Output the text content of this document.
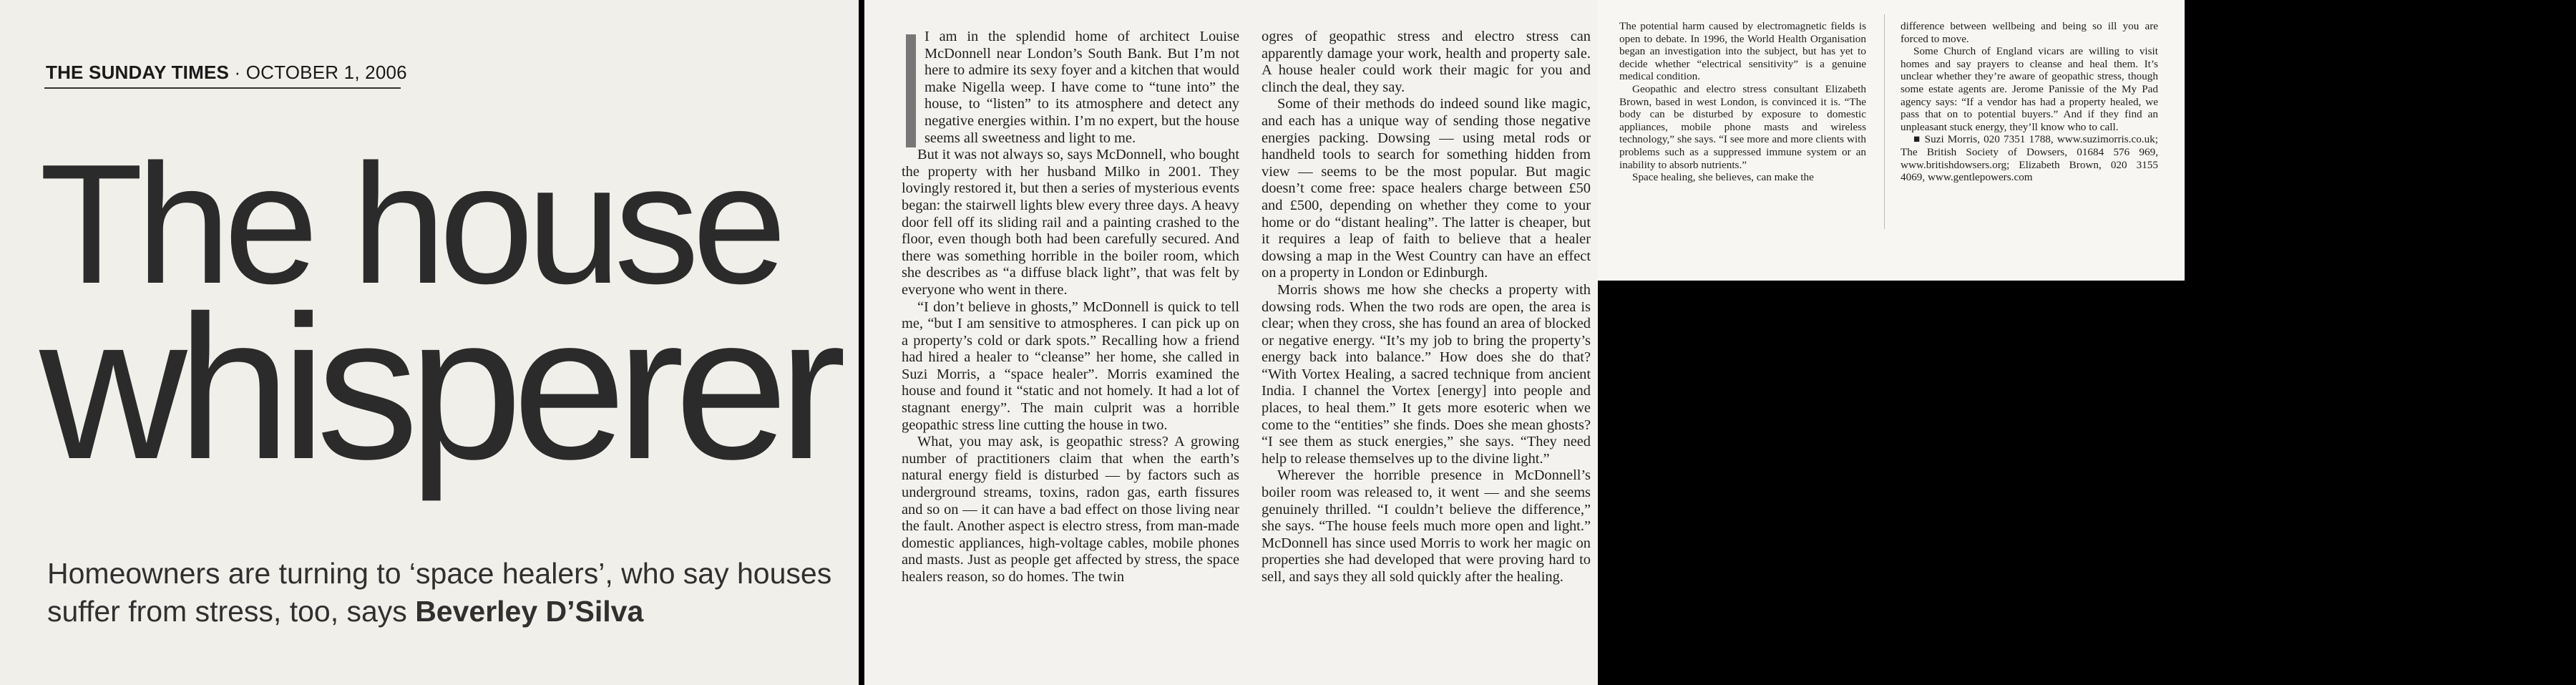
THE SUNDAY TIMES · OCTOBER 1, 2006
The house
whisperer
Homeowners are turning to ‘space healers’, who say houses suffer from stress, too, says Beverley D’Silva

I am in the splendid home of architect Louise McDonnell near London’s South Bank. But I’m not here to admire its sexy foyer and a kitchen that would make Nigella weep. I have come to “tune into” the house, to “listen” to its atmosphere and detect any negative energies within. I’m no expert, but the house seems all sweetness and light to me.

But it was not always so, says McDonnell, who bought the property with her husband Milko in 2001. They lovingly restored it, but then a series of mysterious events began: the stairwell lights blew every three days. A heavy door fell off its sliding rail and a painting crashed to the floor, even though both had been carefully secured. And there was something horrible in the boiler room, which she describes as “a diffuse black light”, that was felt by everyone who went in there.

“I don’t believe in ghosts,” McDonnell is quick to tell me, “but I am sensitive to atmospheres. I can pick up on a property’s cold or dark spots.” Recalling how a friend had hired a healer to “cleanse” her home, she called in Suzi Morris, a “space healer”. Morris examined the house and found it “static and not homely. It had a lot of stagnant energy”. The main culprit was a horrible geopathic stress line cutting the house in two.

What, you may ask, is geopathic stress? A growing number of practitioners claim that when the earth’s natural energy field is disturbed — by factors such as underground streams, toxins, radon gas, earth fissures and so on — it can have a bad effect on those living near the fault. Another aspect is electro stress, from man-made domestic appliances, high-voltage cables, mobile phones and masts. Just as people get affected by stress, the space healers reason, so do homes. The twin

ogres of geopathic stress and electro stress can apparently damage your work, health and property sale. A house healer could work their magic for you and clinch the deal, they say.

Some of their methods do indeed sound like magic, and each has a unique way of sending those negative energies packing. Dowsing — using metal rods or handheld tools to search for something hidden from view — seems to be the most popular. But magic doesn’t come free: space healers charge between £50 and £500, depending on whether they come to your home or do “distant healing”. The latter is cheaper, but it requires a leap of faith to believe that a healer dowsing a map in the West Country can have an effect on a property in London or Edinburgh.

Morris shows me how she checks a property with dowsing rods. When the two rods are open, the area is clear; when they cross, she has found an area of blocked or negative energy. “It’s my job to bring the property’s energy back into balance.” How does she do that? “With Vortex Healing, a sacred technique from ancient India. I channel the Vortex [energy] into people and places, to heal them.” It gets more esoteric when we come to the “entities” she finds. Does she mean ghosts? “I see them as stuck energies,” she says. “They need help to release themselves up to the divine light.”

Wherever the horrible presence in McDonnell’s boiler room was released to, it went — and she seems genuinely thrilled. “I couldn’t believe the difference,” she says. “The house feels much more open and light.” McDonnell has since used Morris to work her magic on properties she had developed that were proving hard to sell, and says they all sold quickly after the healing.

The potential harm caused by electromagnetic fields is open to debate. In 1996, the World Health Organisation began an investigation into the subject, but has yet to decide whether “electrical sensitivity” is a genuine medical condition.

Geopathic and electro stress consultant Elizabeth Brown, based in west London, is convinced it is. “The body can be disturbed by exposure to domestic appliances, mobile phone masts and wireless technology,” she says. “I see more and more clients with problems such as a suppressed immune system or an inability to absorb nutrients.”

Space healing, she believes, can make the

difference between wellbeing and being so ill you are forced to move.

Some Church of England vicars are willing to visit homes and say prayers to cleanse and heal them. It’s unclear whether they’re aware of geopathic stress, though some estate agents are. Jerome Panissie of the My Pad agency says: “If a vendor has had a property healed, we pass that on to potential buyers.” And if they find an unpleasant stuck energy, they’ll know who to call.

■ Suzi Morris, 020 7351 1788, www.suzimorris.co.uk; The British Society of Dowsers, 01684 576 969, www.britishdowsers.org; Elizabeth Brown, 020 3155 4069, www.gentlepowers.com
